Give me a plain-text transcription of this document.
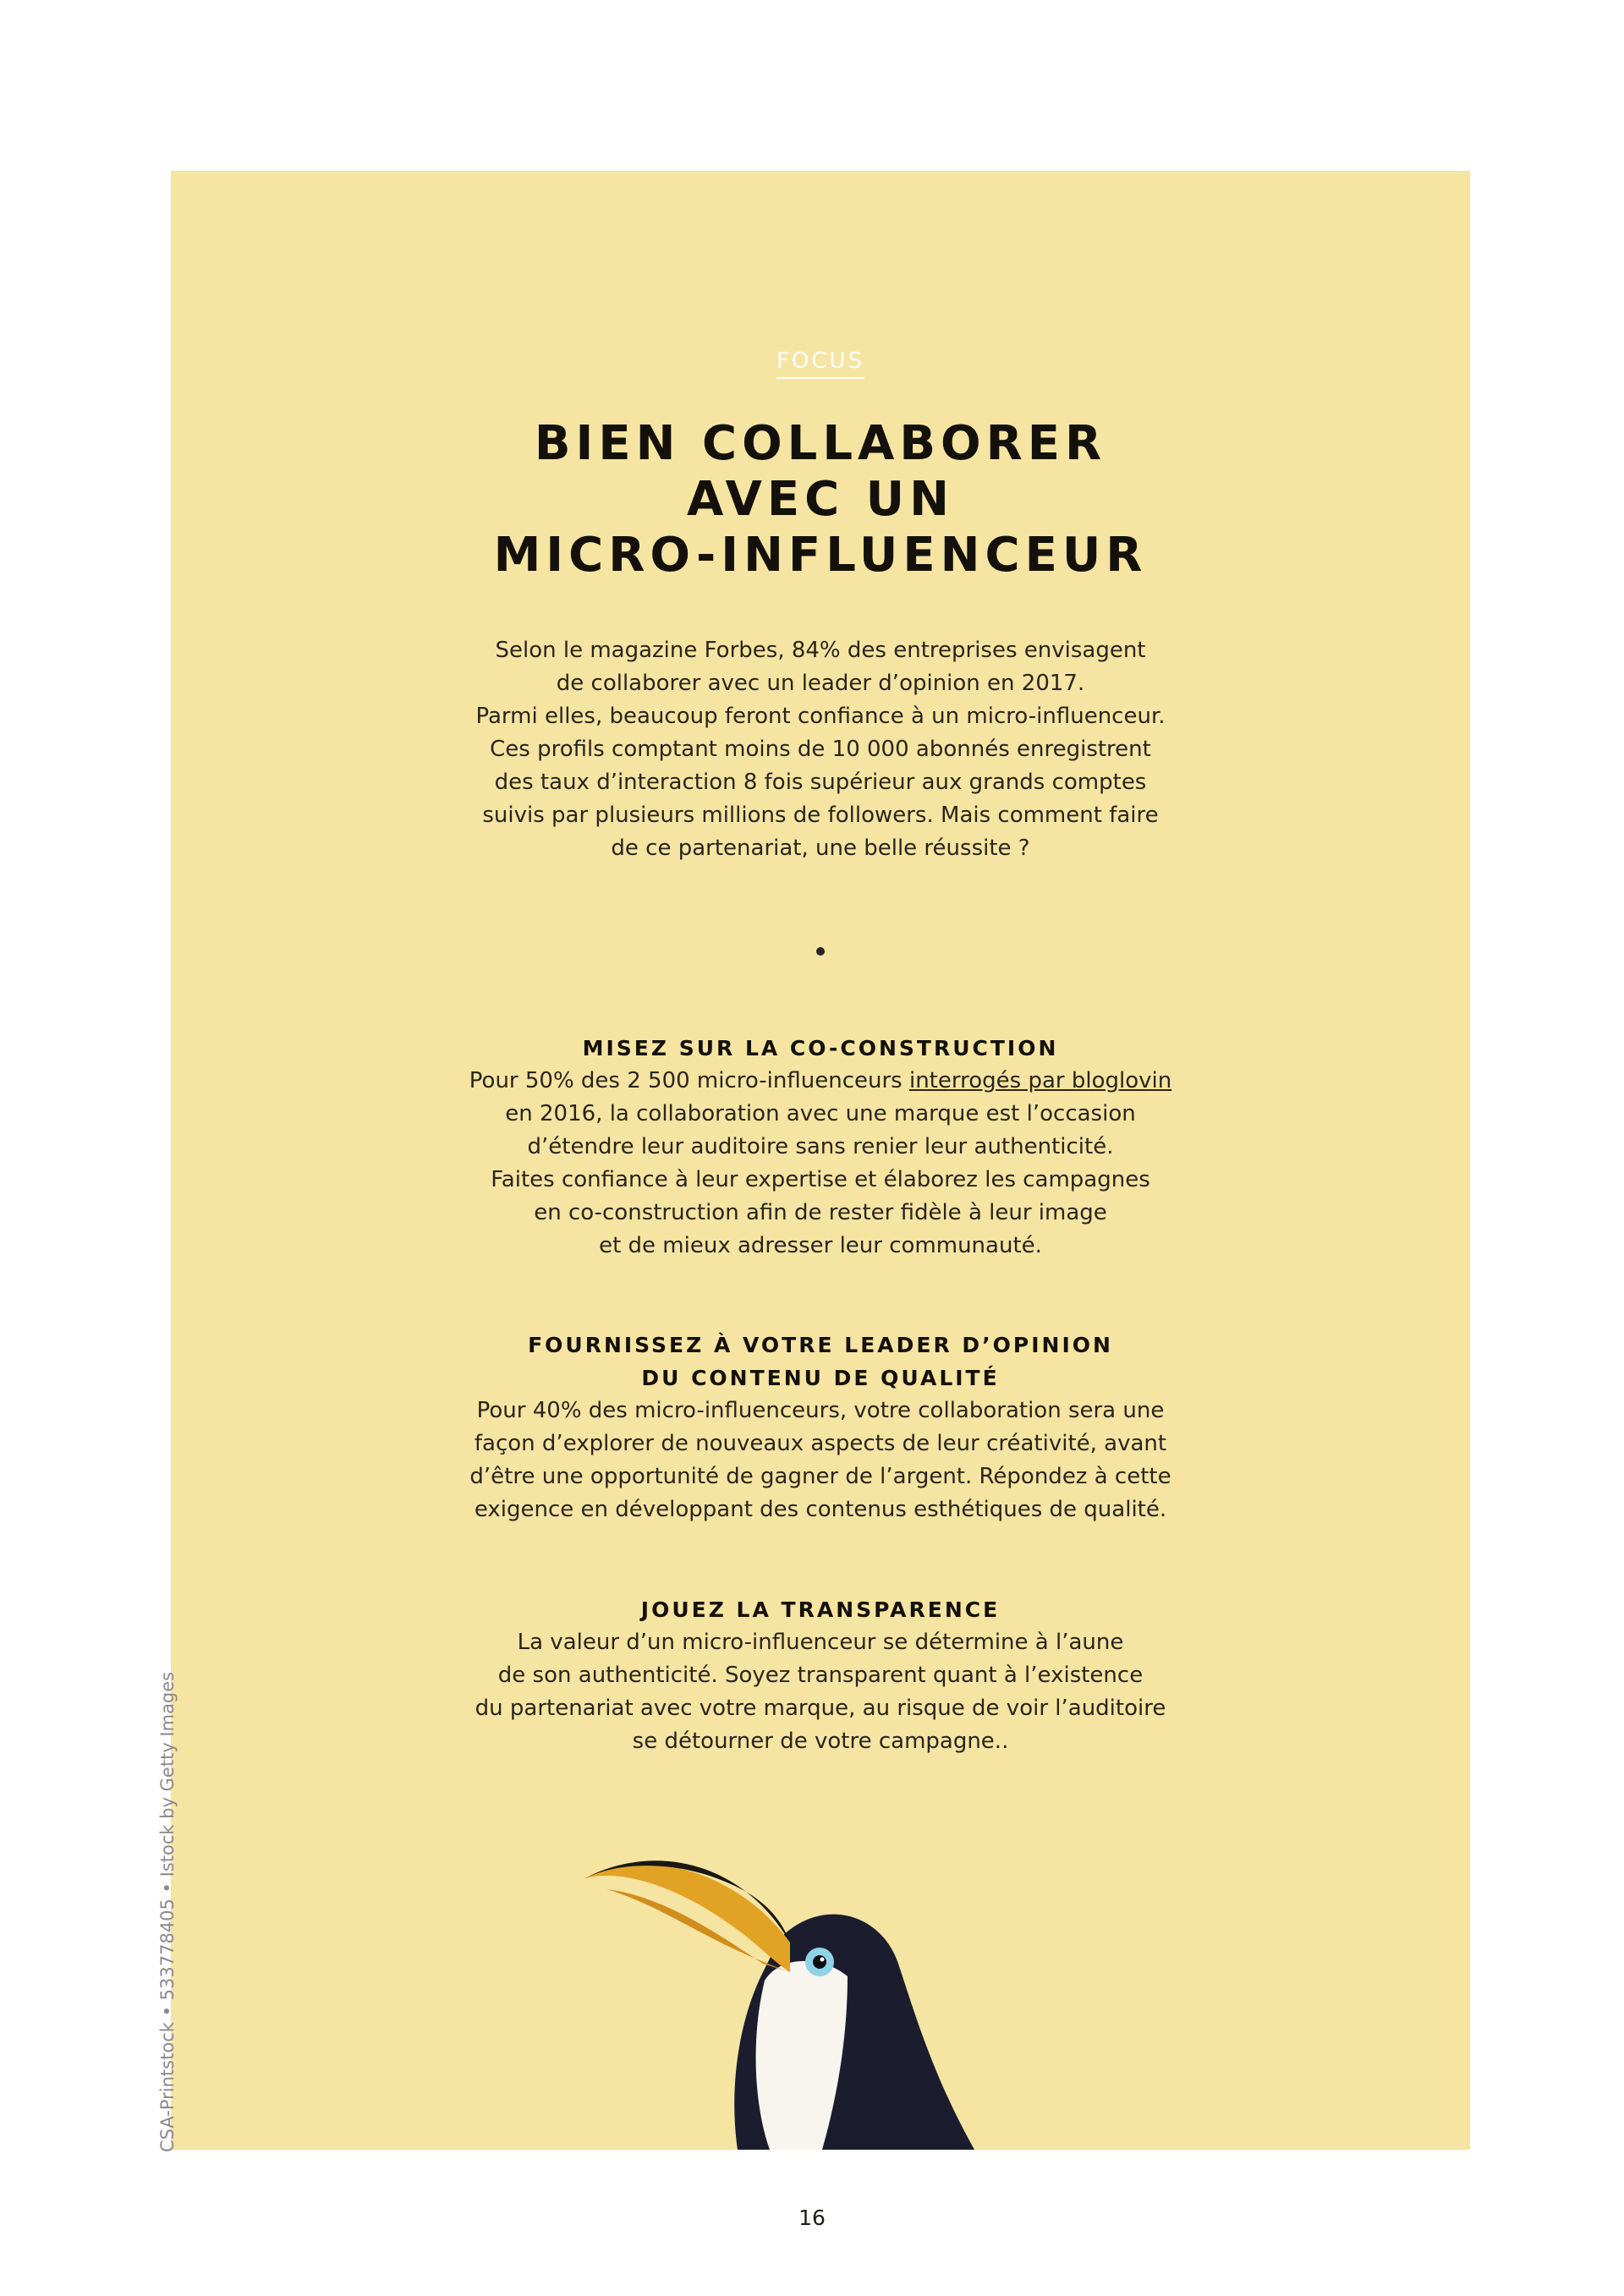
FOCUS
BIEN COLLABORER
AVEC UN
MICRO-INFLUENCEUR
Selon le magazine Forbes, 84% des entreprises envisagent
de collaborer avec un leader d’opinion en 2017.
Parmi elles, beaucoup feront confiance à un micro-influenceur.
Ces profils comptant moins de 10 000 abonnés enregistrent
des taux d’interaction 8 fois supérieur aux grands comptes
suivis par plusieurs millions de followers. Mais comment faire
de ce partenariat, une belle réussite ?
MISEZ SUR LA CO-CONSTRUCTION

Pour 50% des 2 500 micro-influenceurs interrogés par bloglovin
en 2016, la collaboration avec une marque est l’occasion
d’étendre leur auditoire sans renier leur authenticité.
Faites confiance à leur expertise et élaborez les campagnes
en co-construction afin de rester fidèle à leur image
et de mieux adresser leur communauté.

FOURNISSEZ À VOTRE LEADER D’OPINION
DU CONTENU DE QUALITÉ

Pour 40% des micro-influenceurs, votre collaboration sera une
façon d’explorer de nouveaux aspects de leur créativité, avant
d’être une opportunité de gagner de l’argent. Répondez à cette
exigence en développant des contenus esthétiques de qualité.

JOUEZ LA TRANSPARENCE

La valeur d’un micro-influenceur se détermine à l’aune
de son authenticité. Soyez transparent quant à l’existence
du partenariat avec votre marque, au risque de voir l’auditoire
se détourner de votre campagne..

CSA-Printstock • 533778405 • Istock by Getty Images
16
